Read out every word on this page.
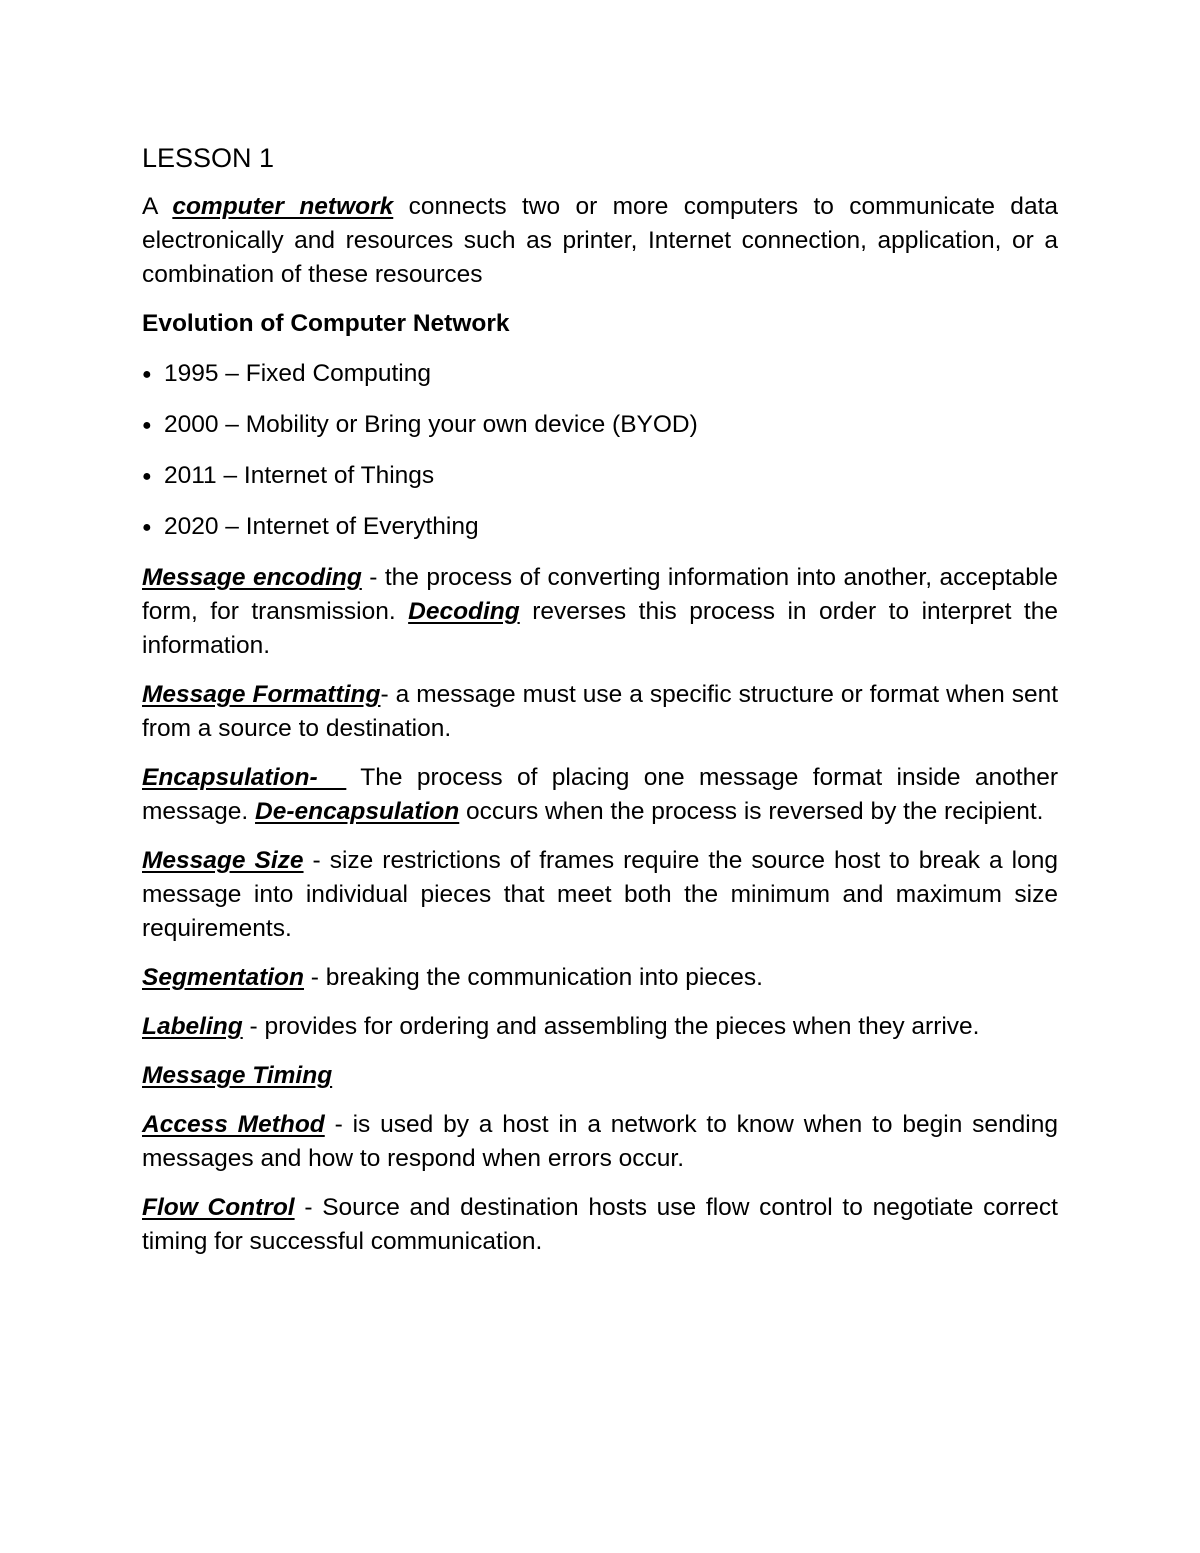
LESSON 1

A computer network connects two or more computers to communicate data electronically and resources such as printer, Internet connection, application, or a combination of these resources

Evolution of Computer Network
● 1995 – Fixed Computing
● 2000 – Mobility or Bring your own device (BYOD)
● 2011 – Internet of Things
● 2020 – Internet of Everything

Message encoding - the process of converting information into another, acceptable form, for transmission. Decoding reverses this process in order to interpret the information.

Message Formatting- a message must use a specific structure or format when sent from a source to destination.

Encapsulation-   The process of placing one message format inside another message. De-encapsulation occurs when the process is reversed by the recipient.

Message Size - size restrictions of frames require the source host to break a long message into individual pieces that meet both the minimum and maximum size requirements.

Segmentation - breaking the communication into pieces.

Labeling - provides for ordering and assembling the pieces when they arrive.

Message Timing

Access Method - is used by a host in a network to know when to begin sending messages and how to respond when errors occur.

Flow Control - Source and destination hosts use flow control to negotiate correct timing for successful communication.
